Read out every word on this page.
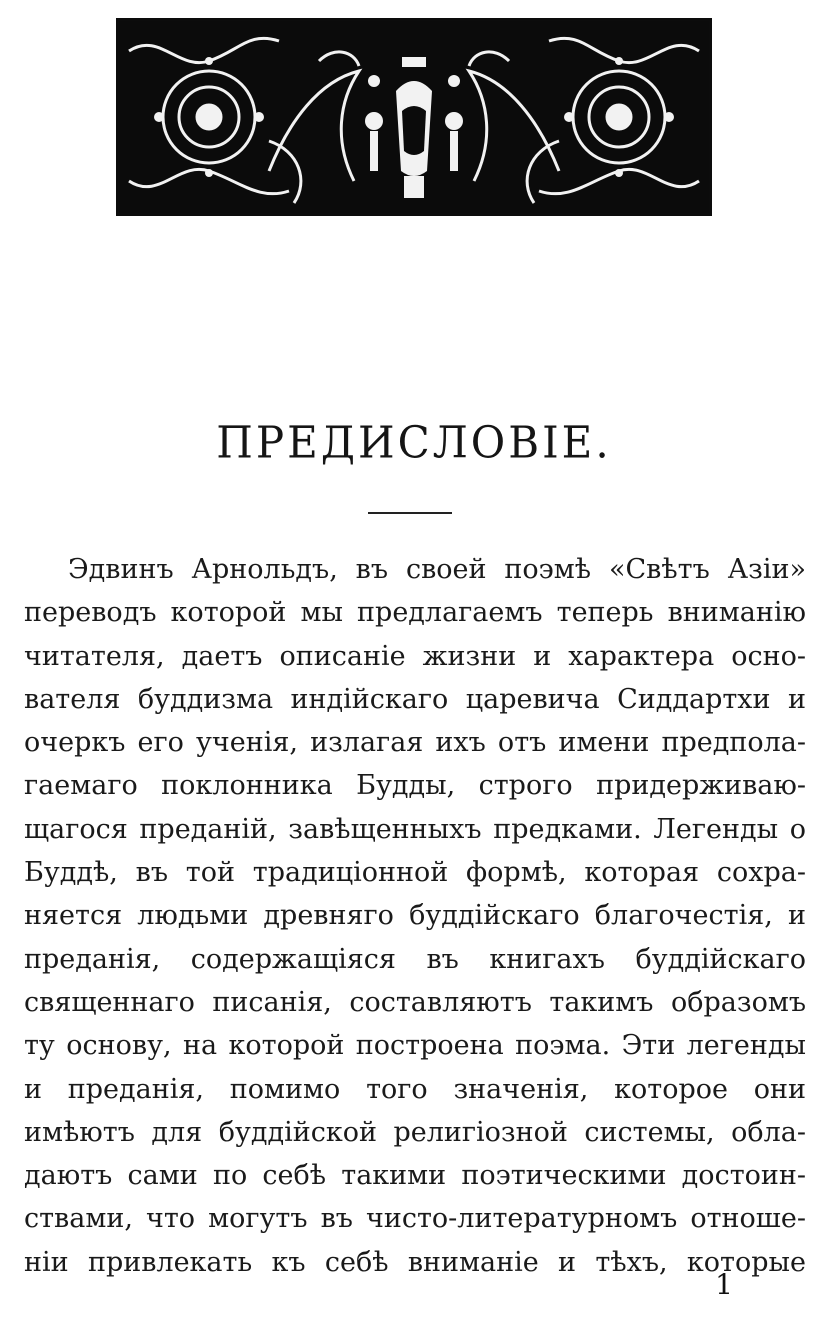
ПРЕДИСЛОВІЕ.
Эдвинъ Арнольдъ, въ своей поэмѣ «Свѣтъ Азіи»
переводъ которой мы предлагаемъ теперь вниманію
читателя, даетъ описаніе жизни и характера осно-
вателя буддизма индійскаго царевича Сиддартхи и
очеркъ его ученія, излагая ихъ отъ имени предпола-
гаемаго поклонника Будды, строго придерживаю-
щагося преданій, завѣщенныхъ предками. Легенды о
Буддѣ, въ той традиціонной формѣ, которая сохра-
няется людьми древняго буддійскаго благочестія, и
преданія, содержащіяся въ книгахъ буддійскаго
священнаго писанія, составляютъ такимъ образомъ
ту основу, на которой построена поэма. Эти легенды
и преданія, помимо того значенія, которое они
имѣютъ для буддійской религіозной системы, обла-
даютъ сами по себѣ такими поэтическими достоин-
ствами, что могутъ въ чисто-литературномъ отноше-
ніи привлекать къ себѣ вниманіе и тѣхъ, которые
1
